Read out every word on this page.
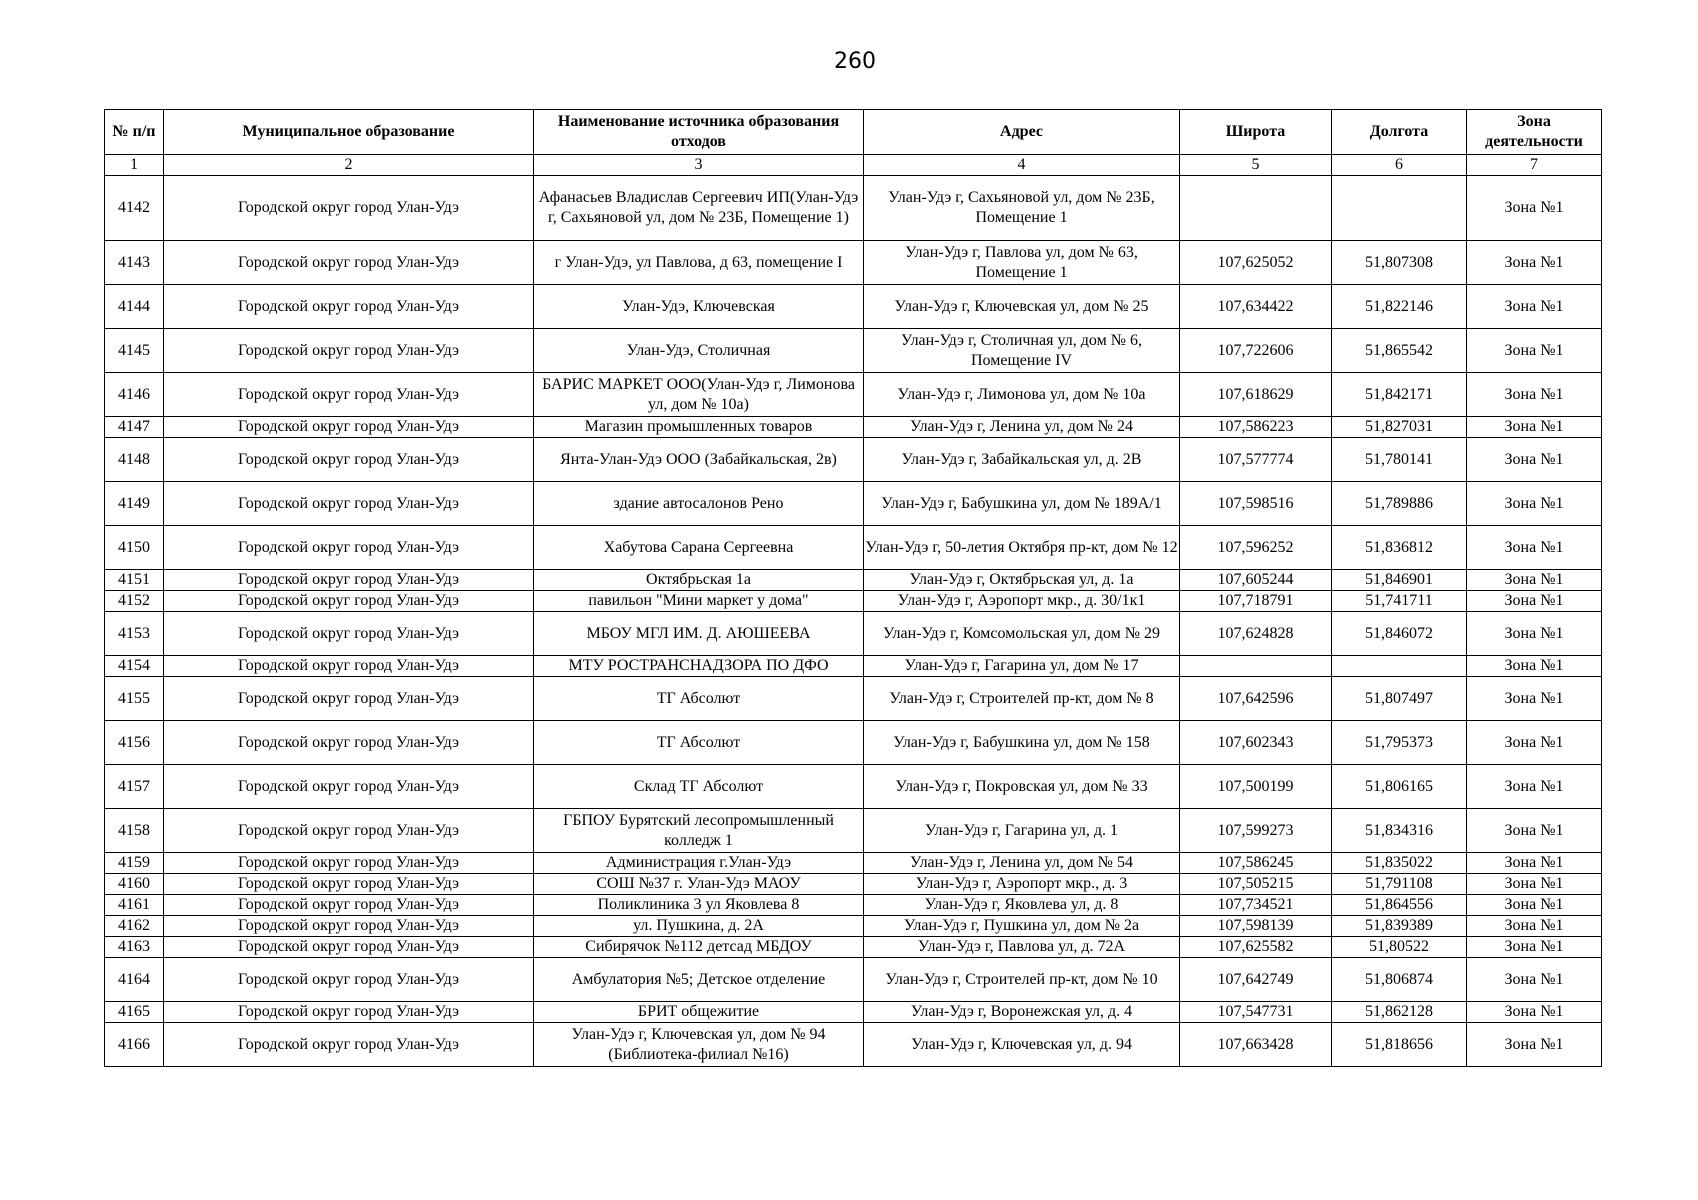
260
№ п/п	Муниципальное образование	Наименование источника образования отходов	Адрес	Широта	Долгота	Зона деятельности
1	2	3	4	5	6	7
4142	Городской округ город Улан-Удэ	Афанасьев Владислав Сергеевич ИП(Улан-Удэ г, Сахьяновой ул, дом № 23Б, Помещение 1)	Улан-Удэ г, Сахьяновой ул, дом № 23Б, Помещение 1			Зона №1
4143	Городской округ город Улан-Удэ	г Улан-Удэ, ул Павлова, д 63, помещение I	Улан-Удэ г, Павлова ул, дом № 63, Помещение 1	107,625052	51,807308	Зона №1
4144	Городской округ город Улан-Удэ	Улан-Удэ, Ключевская	Улан-Удэ г, Ключевская ул, дом № 25	107,634422	51,822146	Зона №1
4145	Городской округ город Улан-Удэ	Улан-Удэ, Столичная	Улан-Удэ г, Столичная ул, дом № 6, Помещение IV	107,722606	51,865542	Зона №1
4146	Городской округ город Улан-Удэ	БАРИС МАРКЕТ ООО(Улан-Удэ г, Лимонова ул, дом № 10а)	Улан-Удэ г, Лимонова ул, дом № 10а	107,618629	51,842171	Зона №1
4147	Городской округ город Улан-Удэ	Магазин промышленных товаров	Улан-Удэ г, Ленина ул, дом № 24	107,586223	51,827031	Зона №1
4148	Городской округ город Улан-Удэ	Янта-Улан-Удэ ООО (Забайкальская, 2в)	Улан-Удэ г, Забайкальская ул, д. 2В	107,577774	51,780141	Зона №1
4149	Городской округ город Улан-Удэ	здание автосалонов Рено	Улан-Удэ г, Бабушкина ул, дом № 189А/1	107,598516	51,789886	Зона №1
4150	Городской округ город Улан-Удэ	Хабутова Сарана Сергеевна	Улан-Удэ г, 50-летия Октября пр-кт, дом № 12	107,596252	51,836812	Зона №1
4151	Городской округ город Улан-Удэ	Октябрьская 1а	Улан-Удэ г, Октябрьская ул, д. 1а	107,605244	51,846901	Зона №1
4152	Городской округ город Улан-Удэ	павильон "Мини маркет у дома"	Улан-Удэ г, Аэропорт мкр., д. 30/1к1	107,718791	51,741711	Зона №1
4153	Городской округ город Улан-Удэ	МБОУ МГЛ ИМ. Д. АЮШЕЕВА	Улан-Удэ г, Комсомольская ул, дом № 29	107,624828	51,846072	Зона №1
4154	Городской округ город Улан-Удэ	МТУ РОСТРАНСНАДЗОРА ПО ДФО	Улан-Удэ г, Гагарина ул, дом № 17			Зона №1
4155	Городской округ город Улан-Удэ	ТГ Абсолют	Улан-Удэ г, Строителей пр-кт, дом № 8	107,642596	51,807497	Зона №1
4156	Городской округ город Улан-Удэ	ТГ Абсолют	Улан-Удэ г, Бабушкина ул, дом № 158	107,602343	51,795373	Зона №1
4157	Городской округ город Улан-Удэ	Склад ТГ Абсолют	Улан-Удэ г, Покровская ул, дом № 33	107,500199	51,806165	Зона №1
4158	Городской округ город Улан-Удэ	ГБПОУ Бурятский лесопромышленный колледж 1	Улан-Удэ г, Гагарина ул, д. 1	107,599273	51,834316	Зона №1
4159	Городской округ город Улан-Удэ	Администрация г.Улан-Удэ	Улан-Удэ г, Ленина ул, дом № 54	107,586245	51,835022	Зона №1
4160	Городской округ город Улан-Удэ	СОШ №37 г. Улан-Удэ МАОУ	Улан-Удэ г, Аэропорт мкр., д. 3	107,505215	51,791108	Зона №1
4161	Городской округ город Улан-Удэ	Поликлиника 3 ул Яковлева 8	Улан-Удэ г, Яковлева ул, д. 8	107,734521	51,864556	Зона №1
4162	Городской округ город Улан-Удэ	ул. Пушкина, д. 2А	Улан-Удэ г, Пушкина ул, дом № 2а	107,598139	51,839389	Зона №1
4163	Городской округ город Улан-Удэ	Сибирячок №112 детсад МБДОУ	Улан-Удэ г, Павлова ул, д. 72А	107,625582	51,80522	Зона №1
4164	Городской округ город Улан-Удэ	Амбулатория №5; Детское отделение	Улан-Удэ г, Строителей пр-кт, дом № 10	107,642749	51,806874	Зона №1
4165	Городской округ город Улан-Удэ	БРИТ общежитие	Улан-Удэ г, Воронежская ул, д. 4	107,547731	51,862128	Зона №1
4166	Городской округ город Улан-Удэ	Улан-Удэ г, Ключевская ул, дом № 94 (Библиотека-филиал №16)	Улан-Удэ г, Ключевская ул, д. 94	107,663428	51,818656	Зона №1
